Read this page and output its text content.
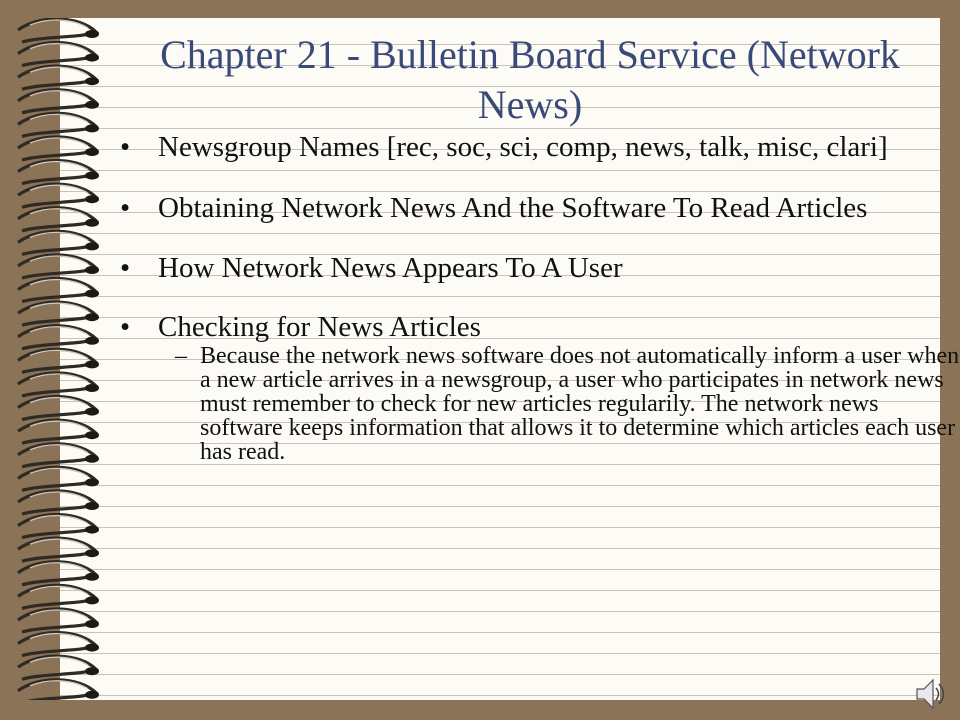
Chapter 21 - Bulletin Board Service (Network News)
• Newsgroup Names [rec, soc, sci, comp, news, talk, misc, clari]
• Obtaining Network News And the Software To Read Articles
• How Network News Appears To A User
• Checking for News Articles
– Because the network news software does not automatically inform a user when a new article arrives in a newsgroup, a user who participates in network news must remember to check for new articles regularily. The network news software keeps information that allows it to determine which articles each user has read.
